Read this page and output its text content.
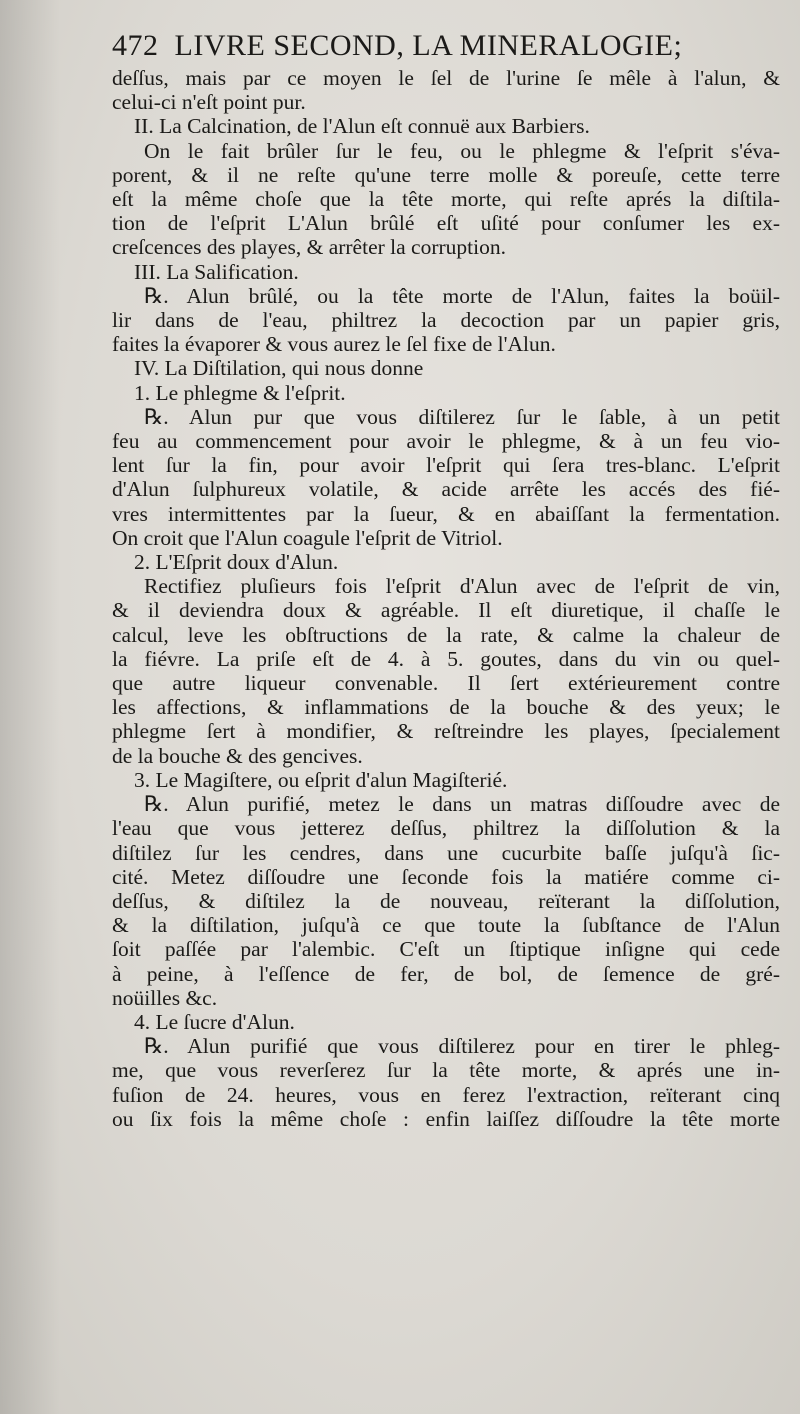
472 LIVRE SECOND, LA MINERALOGIE;
deſſus, mais par ce moyen le ſel de l'urine ſe mêle à l'alun, &
celui-ci n'eſt point pur.
II. La Calcination, de l'Alun eſt connuë aux Barbiers.
On le fait brûler ſur le feu, ou le phlegme & l'eſprit s'éva-
porent, & il ne reſte qu'une terre molle & poreuſe, cette terre
eſt la même choſe que la tête morte, qui reſte aprés la diſtila-
tion de l'eſprit L'Alun brûlé eſt uſité pour conſumer les ex-
creſcences des playes, & arrêter la corruption.
III. La Salification.
℞. Alun brûlé, ou la tête morte de l'Alun, faites la boüil-
lir dans de l'eau, philtrez la decoction par un papier gris,
faites la évaporer & vous aurez le ſel fixe de l'Alun.
IV. La Diſtilation, qui nous donne
1. Le phlegme & l'eſprit.
℞. Alun pur que vous diſtilerez ſur le ſable, à un petit
feu au commencement pour avoir le phlegme, & à un feu vio-
lent ſur la fin, pour avoir l'eſprit qui ſera tres-blanc. L'eſprit
d'Alun ſulphureux volatile, & acide arrête les accés des fié-
vres intermittentes par la ſueur, & en abaiſſant la fermentation.
On croit que l'Alun coagule l'eſprit de Vitriol.
2. L'Eſprit doux d'Alun.
Rectifiez pluſieurs fois l'eſprit d'Alun avec de l'eſprit de vin,
& il deviendra doux & agréable. Il eſt diuretique, il chaſſe le
calcul, leve les obſtructions de la rate, & calme la chaleur de
la fiévre. La priſe eſt de 4. à 5. goutes, dans du vin ou quel-
que autre liqueur convenable. Il ſert extérieurement contre
les affections, & inflammations de la bouche & des yeux; le
phlegme ſert à mondifier, & reſtreindre les playes, ſpecialement
de la bouche & des gencives.
3. Le Magiſtere, ou eſprit d'alun Magiſterié.
℞. Alun purifié, metez le dans un matras diſſoudre avec de
l'eau que vous jetterez deſſus, philtrez la diſſolution & la
diſtilez ſur les cendres, dans une cucurbite baſſe juſqu'à ſic-
cité. Metez diſſoudre une ſeconde fois la matiére comme ci-
deſſus, & diſtilez la de nouveau, reïterant la diſſolution,
& la diſtilation, juſqu'à ce que toute la ſubſtance de l'Alun
ſoit paſſée par l'alembic. C'eſt un ſtiptique inſigne qui cede
à peine, à l'eſſence de fer, de bol, de ſemence de gré-
noüilles &c.
4. Le ſucre d'Alun.
℞. Alun purifié que vous diſtilerez pour en tirer le phleg-
me, que vous reverſerez ſur la tête morte, & aprés une in-
fuſion de 24. heures, vous en ferez l'extraction, reïterant cinq
ou ſix fois la même choſe : enfin laiſſez diſſoudre la tête morte
